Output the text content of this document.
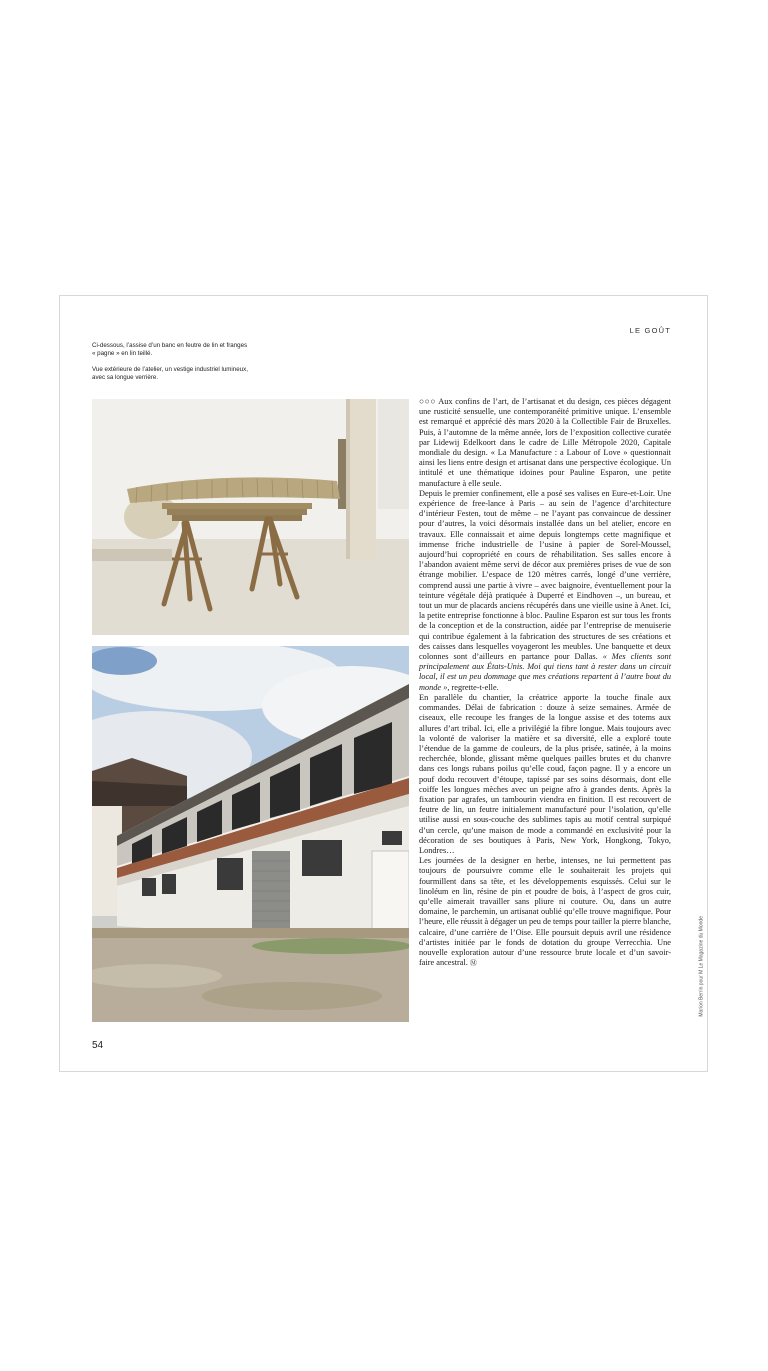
LE GOÛT

Ci-dessous, l’assise d’un banc en feutre de lin et franges « pagne » en lin teillé.

Vue extérieure de l’atelier, un vestige industriel lumineux, avec sa longue verrière.

○○○ Aux confins de l’art, de l’artisanat et du design, ces pièces dégagent une rusticité sensuelle, une contemporanéité primitive unique. L’ensemble est remarqué et apprécié dès mars 2020 à la Collectible Fair de Bruxelles. Puis, à l’automne de la même année, lors de l’exposition collective curatée par Lidewij Edelkoort dans le cadre de Lille Métropole 2020, Capitale mondiale du design. « La Manufacture : a Labour of Love » questionnait ainsi les liens entre design et artisanat dans une perspective écologique. Un intitulé et une thématique idoines pour Pauline Esparon, une petite manufacture à elle seule.

Depuis le premier confinement, elle a posé ses valises en Eure-et-Loir. Une expérience de free-lance à Paris – au sein de l’agence d’architecture d’intérieur Festen, tout de même – ne l’ayant pas convaincue de dessiner pour d’autres, la voici désormais installée dans un bel atelier, encore en travaux. Elle connaissait et aime depuis longtemps cette magnifique et immense friche industrielle de l’usine à papier de Sorel-Moussel, aujourd’hui copropriété en cours de réhabilitation. Ses salles encore à l’abandon avaient même servi de décor aux premières prises de vue de son étrange mobilier. L’espace de 120 mètres carrés, longé d’une verrière, comprend aussi une partie à vivre – avec baignoire, éventuellement pour la teinture végétale déjà pratiquée à Duperré et Eindhoven –, un bureau, et tout un mur de placards anciens récupérés dans une vieille usine à Anet. Ici, la petite entreprise fonctionne à bloc. Pauline Esparon est sur tous les fronts de la conception et de la construction, aidée par l’entreprise de menuiserie qui contribue également à la fabrication des structures de ses créations et des caisses dans lesquelles voyageront les meubles. Une banquette et deux colonnes sont d’ailleurs en partance pour Dallas. « Mes clients sont principalement aux États-Unis. Moi qui tiens tant à rester dans un circuit local, il est un peu dommage que mes créations repartent à l’autre bout du monde », regrette-t-elle.

En parallèle du chantier, la créatrice apporte la touche finale aux commandes. Délai de fabrication : douze à seize semaines. Armée de ciseaux, elle recoupe les franges de la longue assise et des totems aux allures d’art tribal. Ici, elle a privilégié la fibre longue. Mais toujours avec la volonté de valoriser la matière et sa diversité, elle a exploré toute l’étendue de la gamme de couleurs, de la plus prisée, satinée, à la moins recherchée, blonde, glissant même quelques pailles brutes et du chanvre dans ces longs rubans poilus qu’elle coud, façon pagne. Il y a encore un pouf dodu recouvert d’étoupe, tapissé par ses soins désormais, dont elle coiffe les longues mèches avec un peigne afro à grandes dents. Après la fixation par agrafes, un tambourin viendra en finition. Il est recouvert de feutre de lin, un feutre initialement manufacturé pour l’isolation, qu’elle utilise aussi en sous-couche des sublimes tapis au motif central surpiqué d’un cercle, qu’une maison de mode a commandé en exclusivité pour la décoration de ses boutiques à Paris, New York, Hongkong, Tokyo, Londres…

Les journées de la designer en herbe, intenses, ne lui permettent pas toujours de poursuivre comme elle le souhaiterait les projets qui fourmillent dans sa tête, et les développements esquissés. Celui sur le linoléum en lin, résine de pin et poudre de bois, à l’aspect de gros cuir, qu’elle aimerait travailler sans pliure ni couture. Ou, dans un autre domaine, le parchemin, un artisanat oublié qu’elle trouve magnifique. Pour l’heure, elle réussit à dégager un peu de temps pour tailler la pierre blanche, calcaire, d’une carrière de l’Oise. Elle poursuit depuis avril une résidence d’artistes initiée par le fonds de dotation du groupe Verrecchia. Une nouvelle exploration autour d’une ressource brute locale et d’un savoir-faire ancestral. Ⓜ	Marion Berrin pour M Le Magazine du Monde
54
